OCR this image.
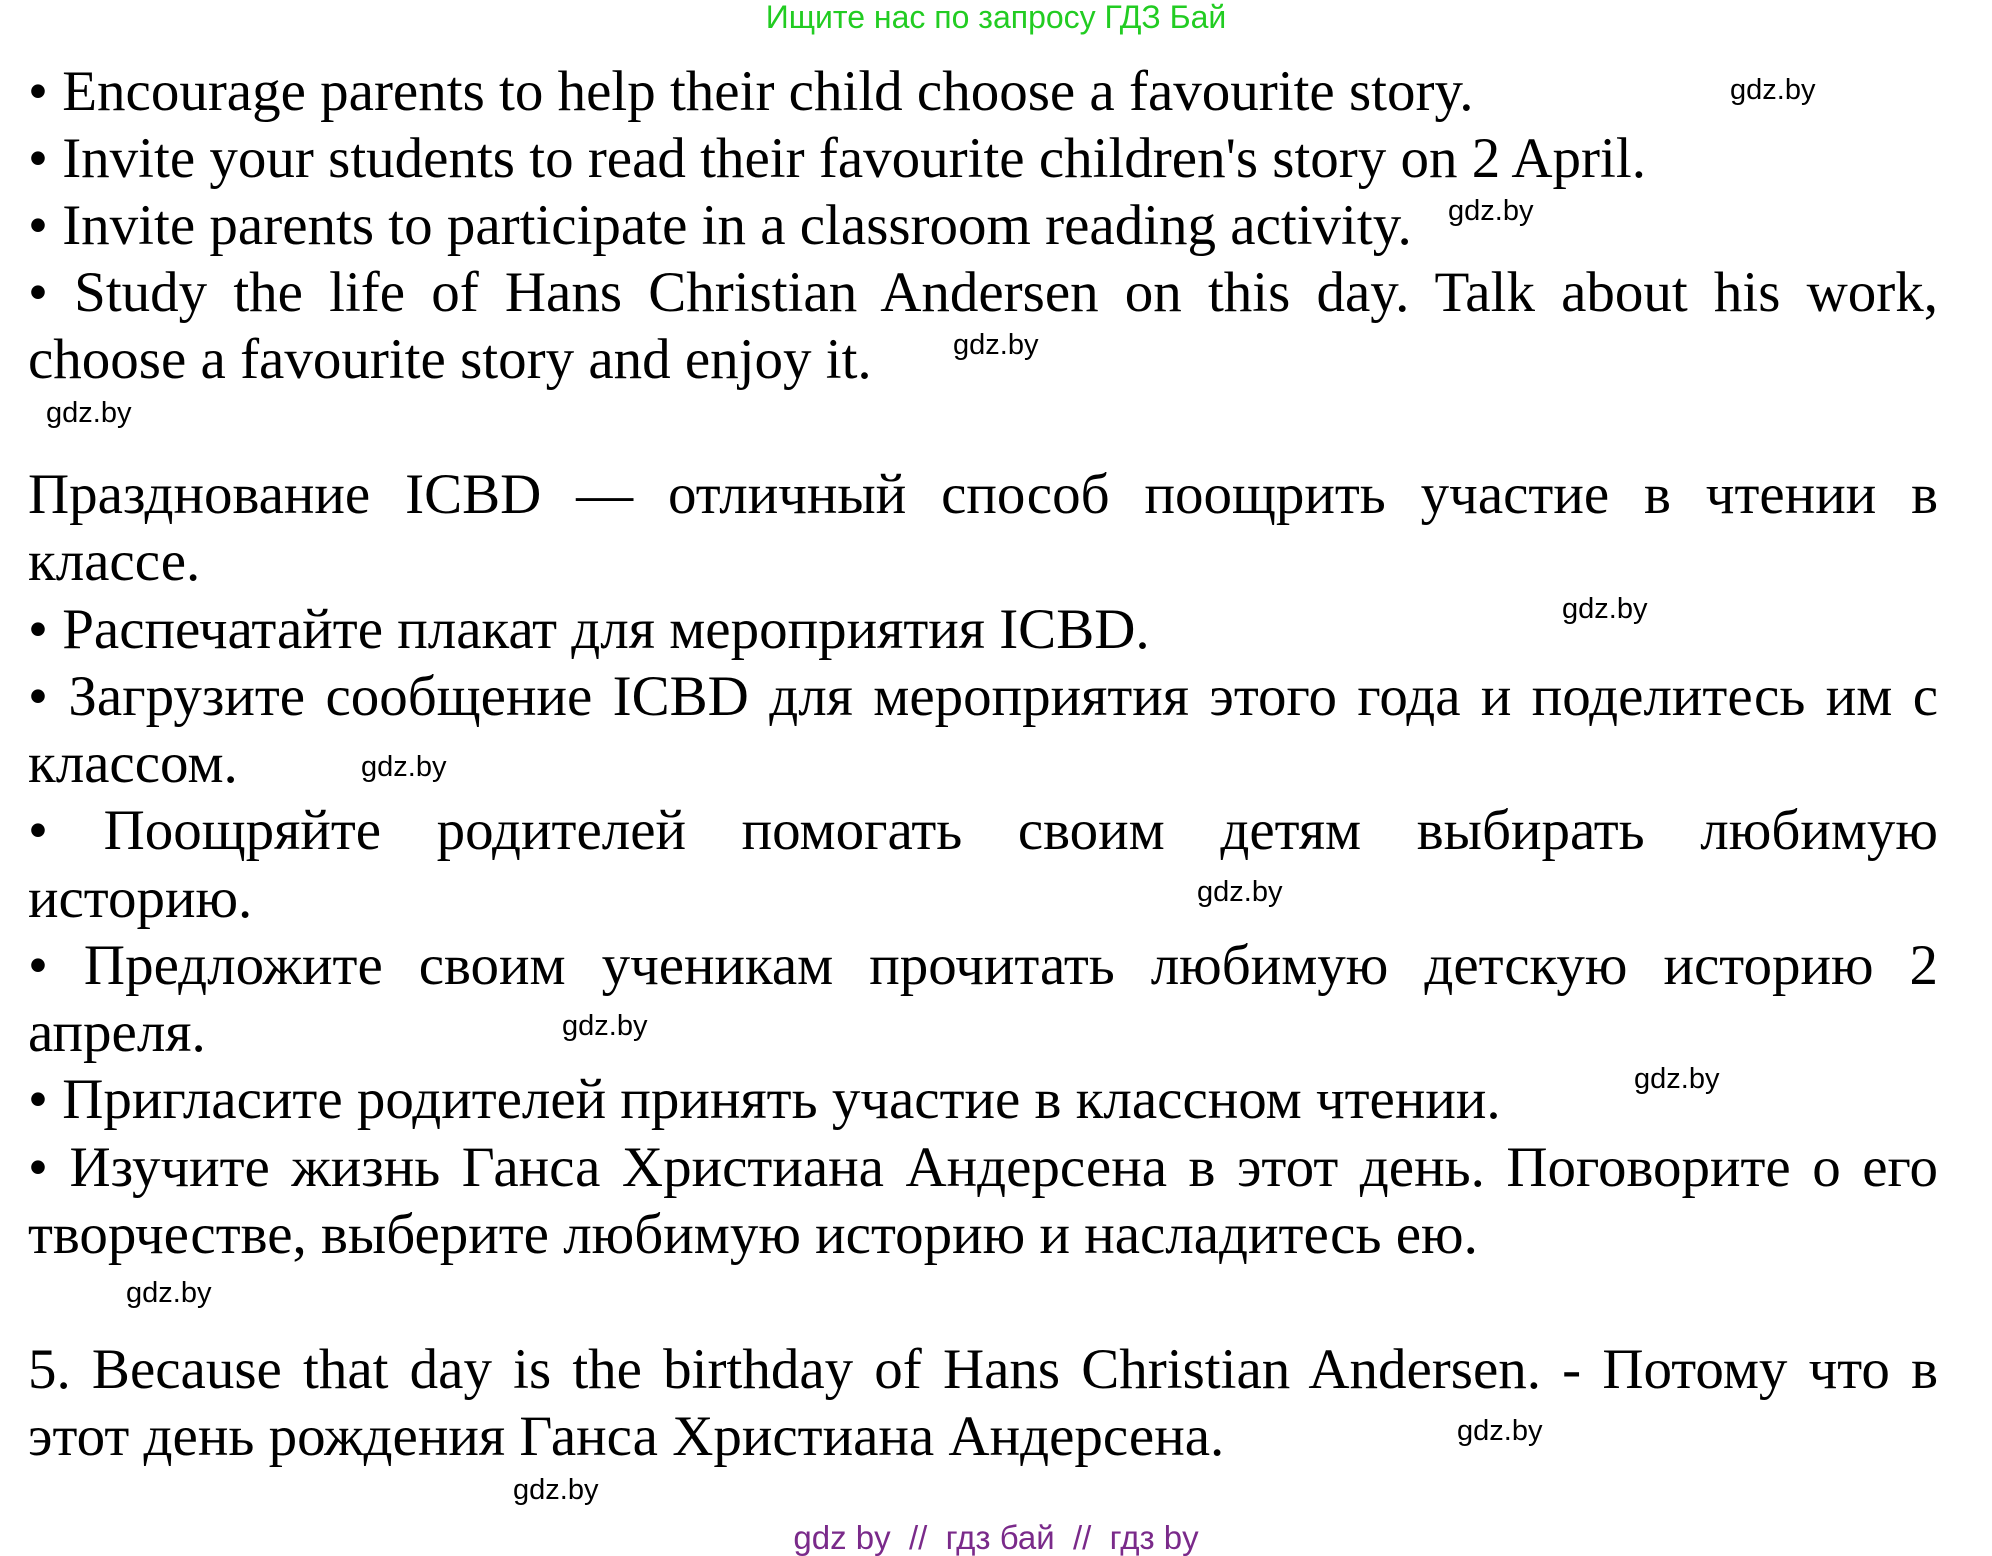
Ищите нас по запросу ГДЗ Бай
• Encourage parents to help their child choose a favourite story.
• Invite your students to read their favourite children's story on 2 April.
• Invite parents to participate in a classroom reading activity.
• Study the life of Hans Christian Andersen on this day. Talk about his work,
choose a favourite story and enjoy it.
Празднование ICBD — отличный способ поощрить участие в чтении в
классе.
• Распечатайте плакат для мероприятия ICBD.
• Загрузите сообщение ICBD для мероприятия этого года и поделитесь им с
классом.
• Поощряйте родителей помогать своим детям выбирать любимую
историю.
• Предложите своим ученикам прочитать любимую детскую историю 2
апреля.
• Пригласите родителей принять участие в классном чтении.
• Изучите жизнь Ганса Христиана Андерсена в этот день. Поговорите о его
творчестве, выберите любимую историю и насладитесь ею.
5. Because that day is the birthday of Hans Christian Andersen. - Потому что в
этот день рождения Ганса Христиана Андерсена.
gdz.by
gdz.by
gdz.by
gdz.by
gdz.by
gdz.by
gdz.by
gdz.by
gdz.by
gdz.by
gdz.by
gdz.by
gdz by  //  гдз бай  //  гдз by
